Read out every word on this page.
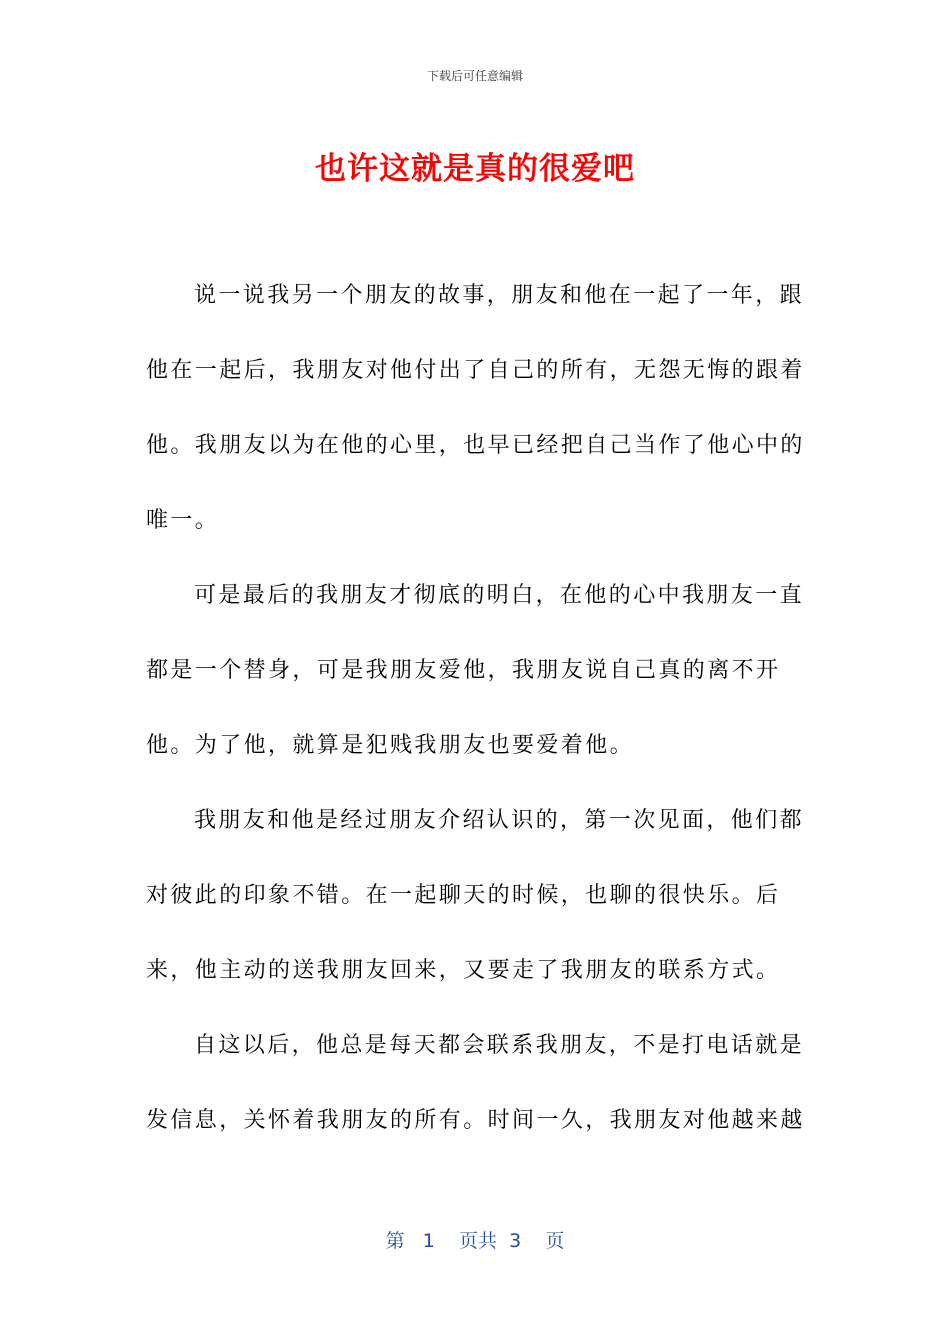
下载后可任意编辑
也许这就是真的很爱吧

说一说我另一个朋友的故事，朋友和他在一起了一年，跟他在一起后，我朋友对他付出了自己的所有，无怨无悔的跟着他。我朋友以为在他的心里，也早已经把自己当作了他心中的唯一。

可是最后的我朋友才彻底的明白，在他的心中我朋友一直都是一个替身，可是我朋友爱他，我朋友说自己真的离不开他。为了他，就算是犯贱我朋友也要爱着他。

我朋友和他是经过朋友介绍认识的，第一次见面，他们都对彼此的印象不错。在一起聊天的时候，也聊的很快乐。后来，他主动的送我朋友回来，又要走了我朋友的联系方式。

自这以后，他总是每天都会联系我朋友，不是打电话就是发信息，关怀着我朋友的所有。时间一久，我朋友对他越来越

第 1 页共 3 页
